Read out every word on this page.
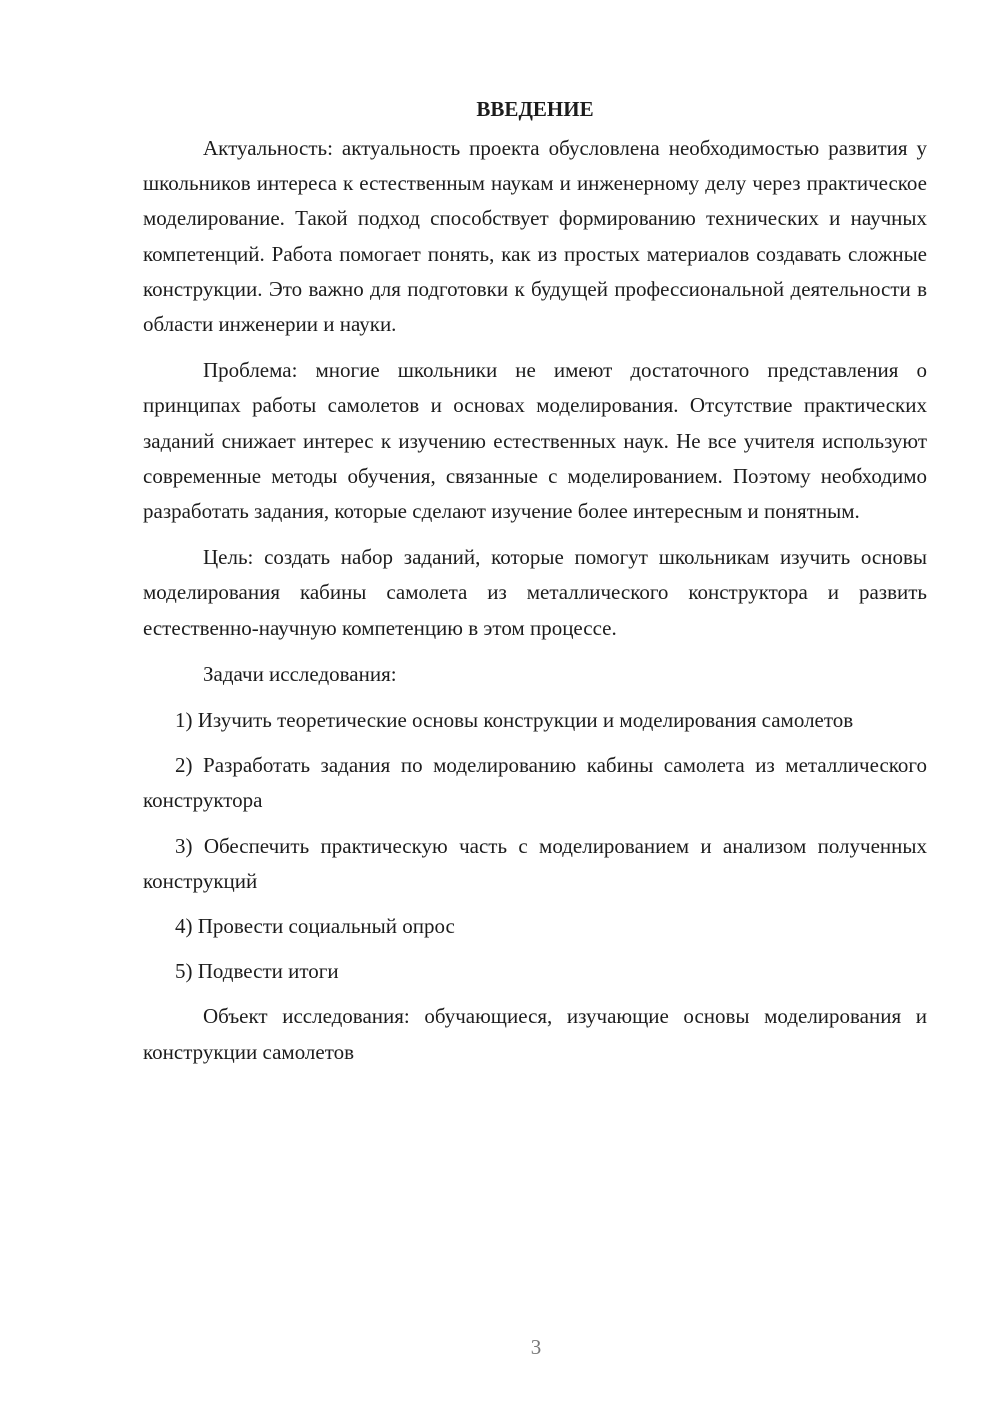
ВВЕДЕНИЕ

Актуальность: актуальность проекта обусловлена необходимостью развития у школьников интереса к естественным наукам и инженерному делу через практическое моделирование. Такой подход способствует формированию технических и научных компетенций. Работа помогает понять, как из простых материалов создавать сложные конструкции. Это важно для подготовки к будущей профессиональной деятельности в области инженерии и науки.

Проблема: многие школьники не имеют достаточного представления о принципах работы самолетов и основах моделирования. Отсутствие практических заданий снижает интерес к изучению естественных наук. Не все учителя используют современные методы обучения, связанные с моделированием. Поэтому необходимо разработать задания, которые сделают изучение более интересным и понятным.

Цель: создать набор заданий, которые помогут школьникам изучить основы моделирования кабины самолета из металлического конструктора и развить естественно-научную компетенцию в этом процессе.

Задачи исследования:

1) Изучить теоретические основы конструкции и моделирования самолетов

2) Разработать задания по моделированию кабины самолета из металлического конструктора

3) Обеспечить практическую часть с моделированием и анализом полученных конструкций

4) Провести социальный опрос

5) Подвести итоги

Объект исследования: обучающиеся, изучающие основы моделирования и конструкции самолетов

3
